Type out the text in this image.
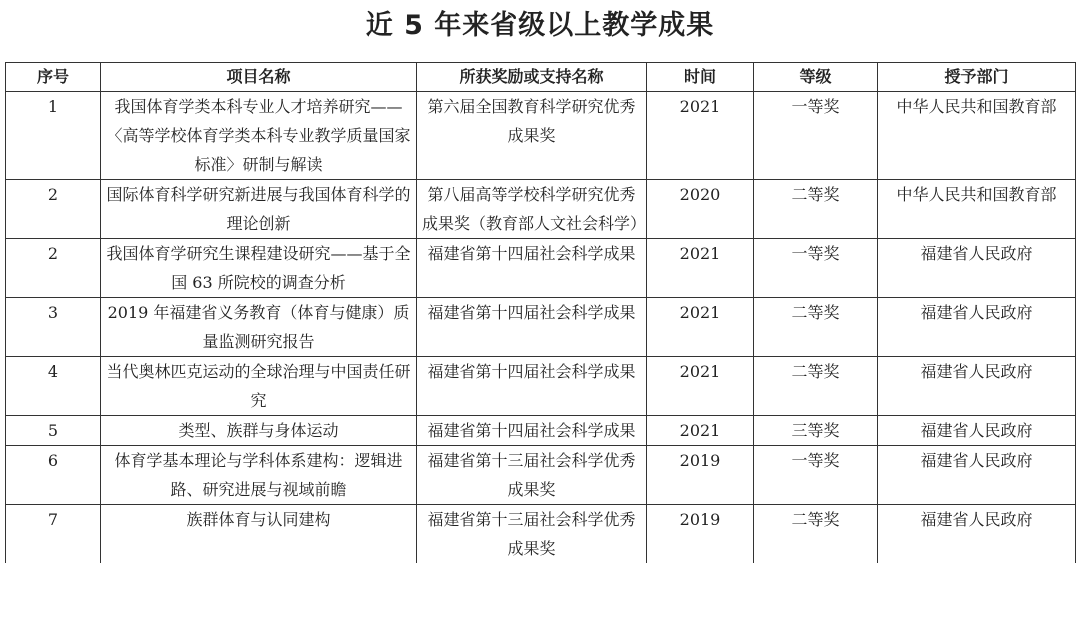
近 5 年来省级以上教学成果
序号	项目名称	所获奖励或支持名称	时间	等级	授予部门
1	我国体育学类本科专业人才培养研究——〈高等学校体育学类本科专业教学质量国家标准〉研制与解读	第六届全国教育科学研究优秀成果奖	2021	一等奖	中华人民共和国教育部
2	国际体育科学研究新进展与我国体育科学的理论创新	第八届高等学校科学研究优秀成果奖（教育部人文社会科学）	2020	二等奖	中华人民共和国教育部
2	我国体育学研究生课程建设研究——基于全国 63 所院校的调查分析	福建省第十四届社会科学成果	2021	一等奖	福建省人民政府
3	2019 年福建省义务教育（体育与健康）质量监测研究报告	福建省第十四届社会科学成果	2021	二等奖	福建省人民政府
4	当代奥林匹克运动的全球治理与中国责任研究	福建省第十四届社会科学成果	2021	二等奖	福建省人民政府
5	类型、族群与身体运动	福建省第十四届社会科学成果	2021	三等奖	福建省人民政府
6	体育学基本理论与学科体系建构：逻辑进路、研究进展与视域前瞻	福建省第十三届社会科学优秀成果奖	2019	一等奖	福建省人民政府
7	族群体育与认同建构	福建省第十三届社会科学优秀成果奖	2019	二等奖	福建省人民政府
